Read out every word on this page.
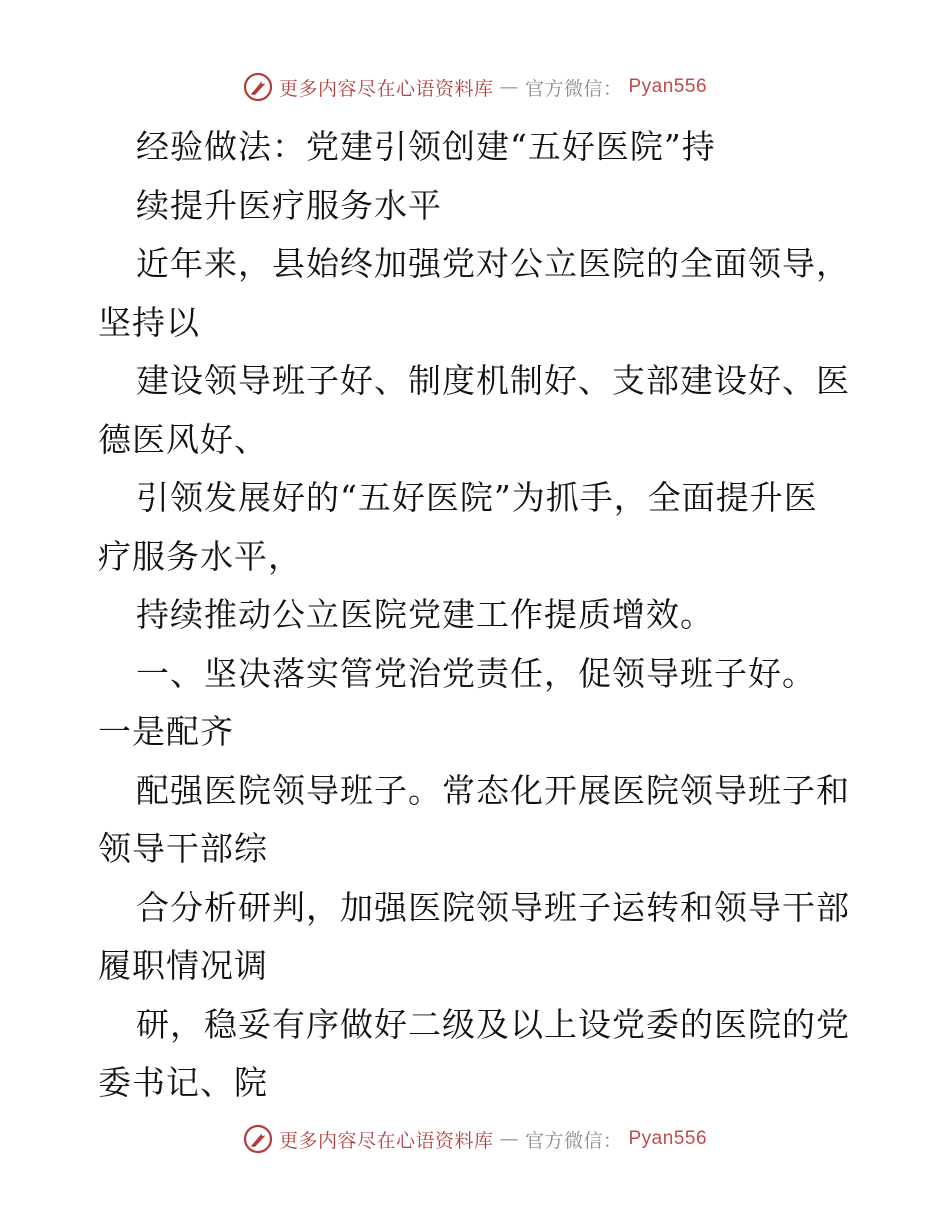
更多内容尽在心语资料库 — 官方微信： Pyan556
经验做法：党建引领创建“五好医院”持
续提升医疗服务水平
近年来，县始终加强党对公立医院的全面领导，
坚持以
建设领导班子好、制度机制好、支部建设好、医
德医风好、
引领发展好的“五好医院”为抓手，全面提升医
疗服务水平，
持续推动公立医院党建工作提质增效。
一、坚决落实管党治党责任，促领导班子好。
一是配齐
配强医院领导班子。常态化开展医院领导班子和
领导干部综
合分析研判，加强医院领导班子运转和领导干部
履职情况调
研，稳妥有序做好二级及以上设党委的医院的党
委书记、院
更多内容尽在心语资料库 — 官方微信： Pyan556
